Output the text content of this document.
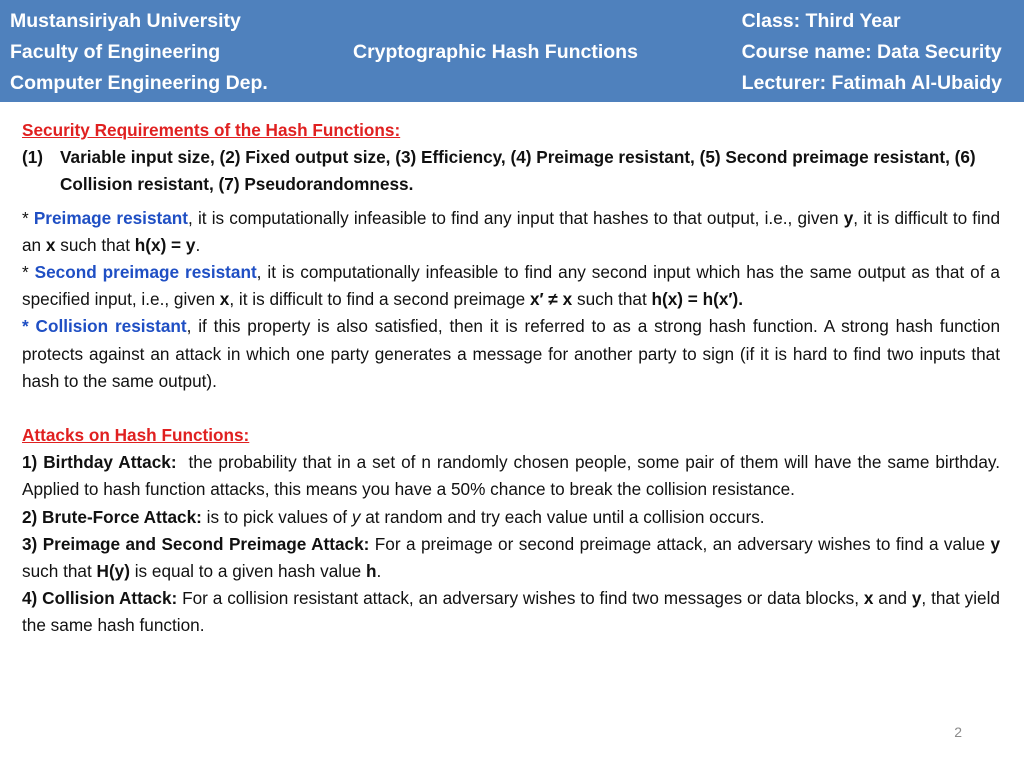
Mustansiriyah University
Faculty of Engineering
Computer Engineering Dep.
Cryptographic Hash Functions
Class: Third Year
Course name: Data Security
Lecturer: Fatimah Al-Ubaidy
Security Requirements of the Hash Functions:
(1) Variable input size, (2) Fixed output size, (3) Efficiency, (4) Preimage resistant, (5) Second preimage resistant, (6) Collision resistant, (7) Pseudorandomness.

* Preimage resistant, it is computationally infeasible to find any input that hashes to that output, i.e., given y, it is difficult to find an x such that h(x) = y.

* Second preimage resistant, it is computationally infeasible to find any second input which has the same output as that of a specified input, i.e., given x, it is difficult to find a second preimage x′ ≠ x such that h(x) = h(x′).

* Collision resistant, if this property is also satisfied, then it is referred to as a strong hash function. A strong hash function protects against an attack in which one party generates a message for another party to sign (if it is hard to find two inputs that hash to the same output).

Attacks on Hash Functions:

1) Birthday Attack:  the probability that in a set of n randomly chosen people, some pair of them will have the same birthday. Applied to hash function attacks, this means you have a 50% chance to break the collision resistance.

2) Brute-Force Attack: is to pick values of y at random and try each value until a collision occurs.

3) Preimage and Second Preimage Attack: For a preimage or second preimage attack, an adversary wishes to find a value y such that H(y) is equal to a given hash value h.

4) Collision Attack: For a collision resistant attack, an adversary wishes to find two messages or data blocks, x and y, that yield the same hash function.

2
